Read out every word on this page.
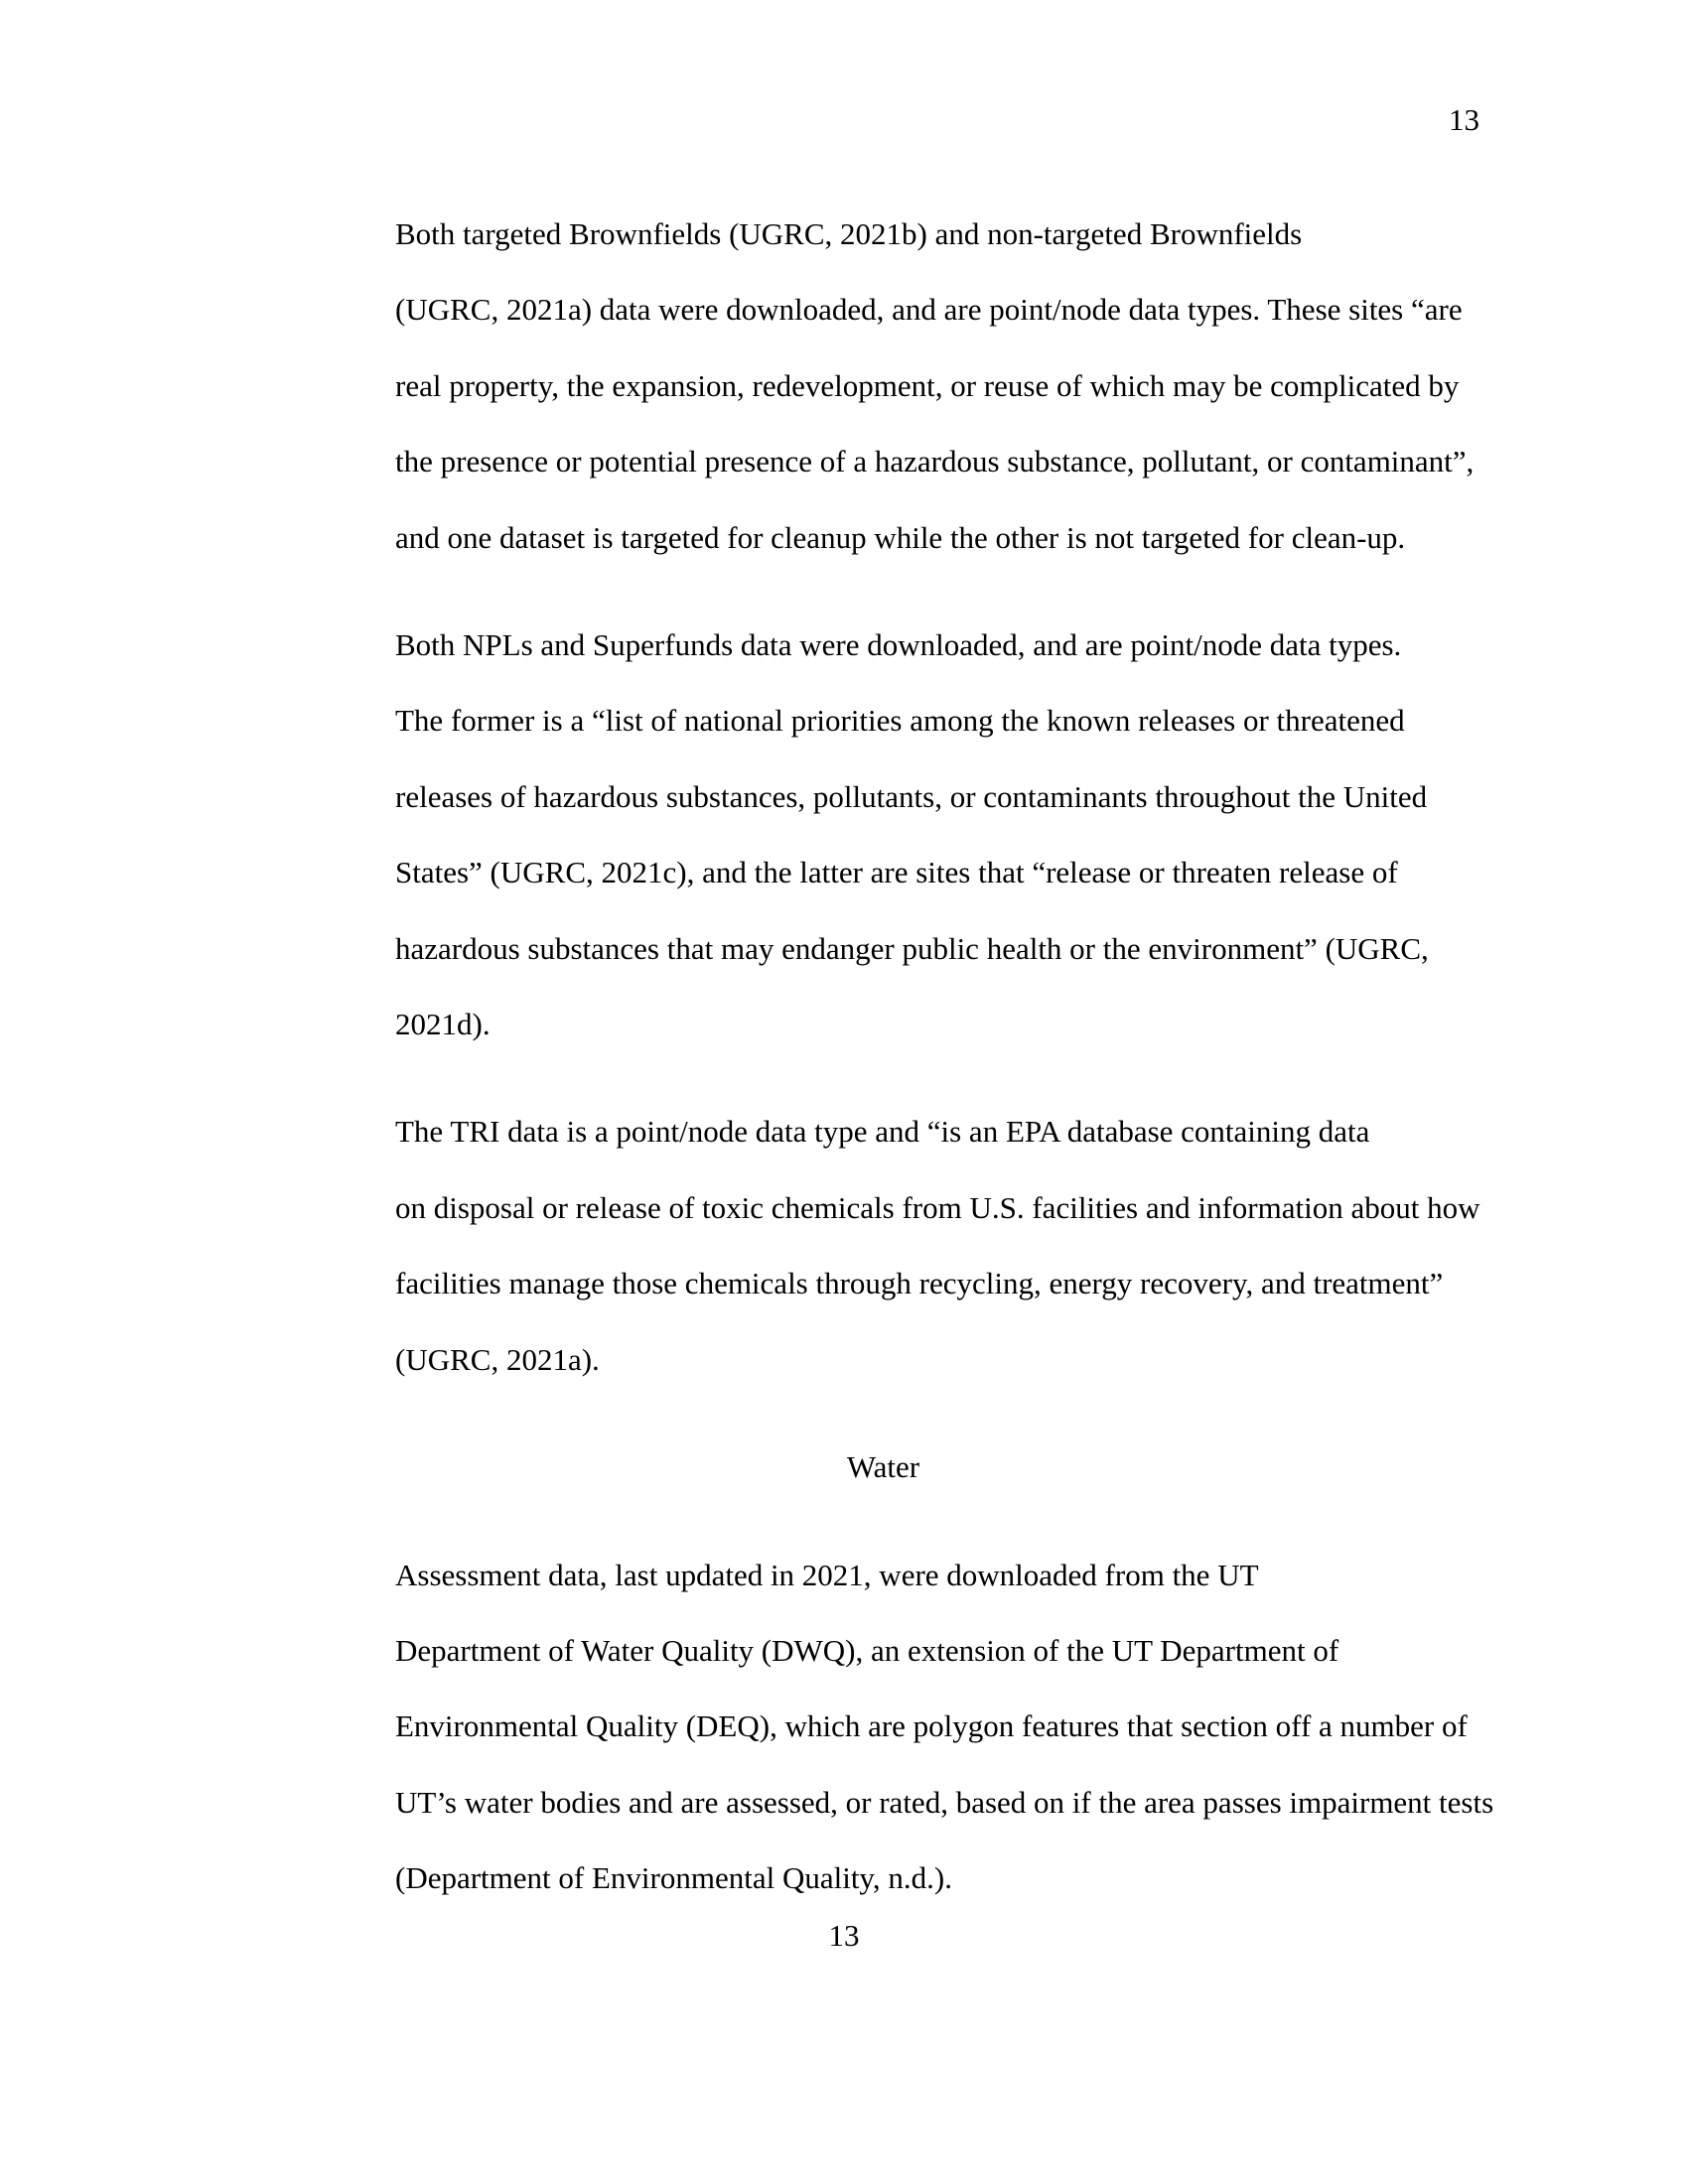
13

Both targeted Brownfields (UGRC, 2021b) and non-targeted Brownfields
(UGRC, 2021a) data were downloaded, and are point/node data types. These sites “are
real property, the expansion, redevelopment, or reuse of which may be complicated by
the presence or potential presence of a hazardous substance, pollutant, or contaminant”,
and one dataset is targeted for cleanup while the other is not targeted for clean-up.

Both NPLs and Superfunds data were downloaded, and are point/node data types.
The former is a “list of national priorities among the known releases or threatened
releases of hazardous substances, pollutants, or contaminants throughout the United
States” (UGRC, 2021c), and the latter are sites that “release or threaten release of
hazardous substances that may endanger public health or the environment” (UGRC,
2021d).

The TRI data is a point/node data type and “is an EPA database containing data
on disposal or release of toxic chemicals from U.S. facilities and information about how
facilities manage those chemicals through recycling, energy recovery, and treatment”
(UGRC, 2021a).

Water

Assessment data, last updated in 2021, were downloaded from the UT
Department of Water Quality (DWQ), an extension of the UT Department of
Environmental Quality (DEQ), which are polygon features that section off a number of
UT’s water bodies and are assessed, or rated, based on if the area passes impairment tests
(Department of Environmental Quality, n.d.).

13
